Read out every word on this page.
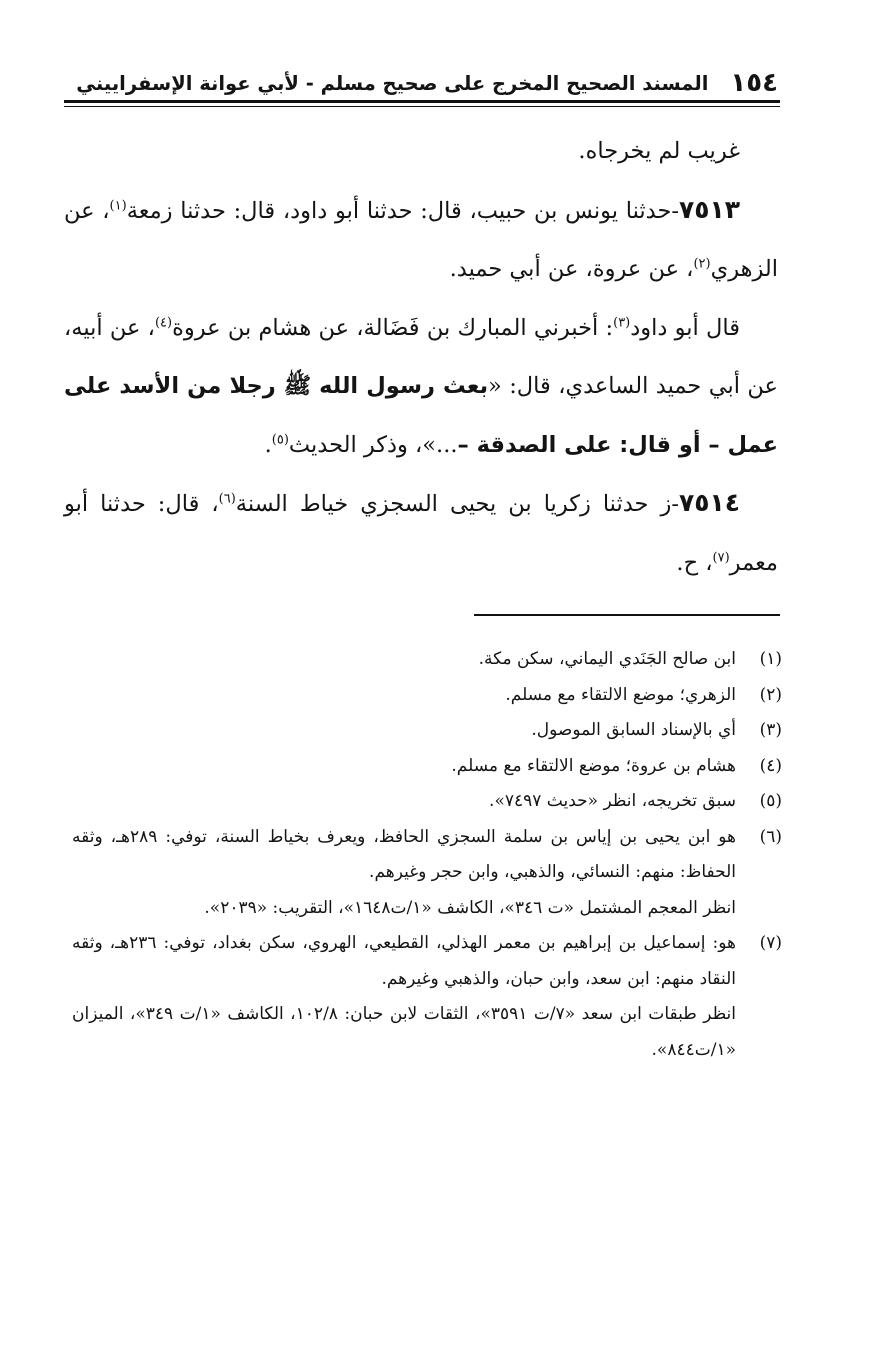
١٥٤
المسند الصحيح المخرج على صحيح مسلم - لأبي عوانة الإسفراييني

غريب لم يخرجاه.

٧٥١٣-حدثنا يونس بن حبيب، قال: حدثنا أبو داود، قال: حدثنا زمعة$^{(١)}$، عن الزهري$^{(٢)}$، عن عروة، عن أبي حميد.

قال أبو داود$^{(٣)}$: أخبرني المبارك بن فَضَالة، عن هشام بن عروة$^{(٤)}$، عن أبيه، عن أبي حميد الساعدي، قال: «بعث رسول الله ﷺ رجلا من الأسد على عمل – أو قال: على الصدقة –...»، وذكر الحديث$^{(٥)}$.

٧٥١٤-ز حدثنا زكريا بن يحيى السجزي خياط السنة$^{(٦)}$، قال: حدثنا أبو معمر$^{(٧)}$، ح.

(١)

ابن صالح الجَنَدي اليماني، سكن مكة.

(٢)

الزهري؛ موضع الالتقاء مع مسلم.

(٣)

أي بالإسناد السابق الموصول.

(٤)

هشام بن عروة؛ موضع الالتقاء مع مسلم.

(٥)

سبق تخريجه، انظر «حديث ٧٤٩٧».

(٦)

هو ابن يحيى بن إياس بن سلمة السجزي الحافظ، ويعرف بخياط السنة، توفي: ٢٨٩هـ، وثقه الحفاظ: منهم: النسائي، والذهبي، وابن حجر وغيرهم.

انظر المعجم المشتمل «ت ٣٤٦»، الكاشف «١/ت١٦٤٨»، التقريب: «٢٠٣٩».

(٧)

هو: إسماعيل بن إبراهيم بن معمر الهذلي، القطيعي، الهروي، سكن بغداد، توفي: ٢٣٦هـ، وثقه النقاد منهم: ابن سعد، وابن حبان، والذهبي وغيرهم.

انظر طبقات ابن سعد «٧/ت ٣٥٩١»، الثقات لابن حبان: ١٠٢/٨، الكاشف «١/ت ٣٤٩»، الميزان «١/ت٨٤٤».
